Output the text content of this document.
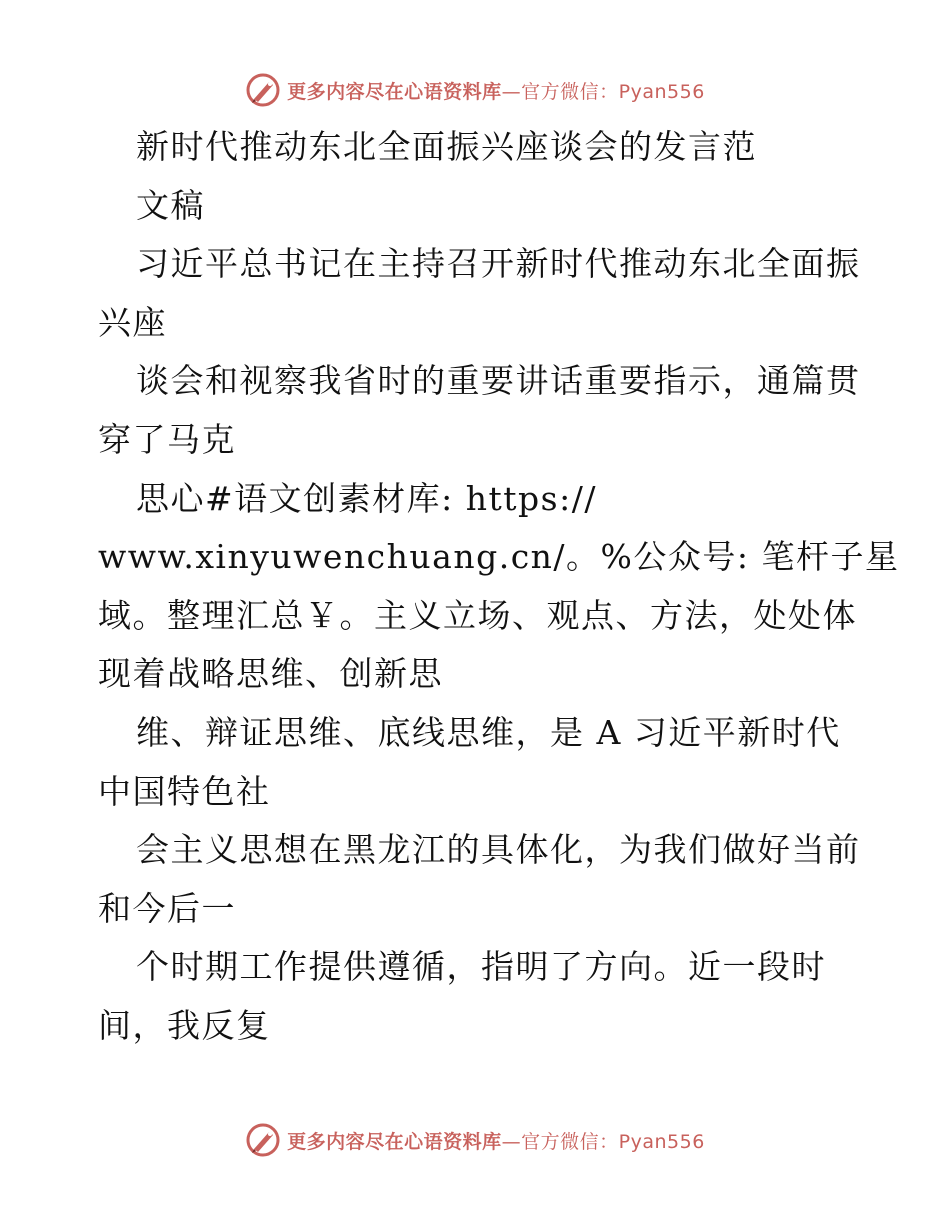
更多内容尽在心语资料库—官方微信：Pyan556
新时代推动东北全面振兴座谈会的发言范
文稿
习近平总书记在主持召开新时代推动东北全面振
兴座
谈会和视察我省时的重要讲话重要指示，通篇贯
穿了马克
思心#语文创素材库: https://
www.xinyuwenchuang.cn/。%公众号: 笔杆子星
域。整理汇总￥。主义立场、观点、方法，处处体
现着战略思维、创新思
维、辩证思维、底线思维，是 A 习近平新时代
中国特色社
会主义思想在黑龙江的具体化，为我们做好当前
和今后一
个时期工作提供遵循，指明了方向。近一段时
间，我反复
更多内容尽在心语资料库—官方微信：Pyan556
